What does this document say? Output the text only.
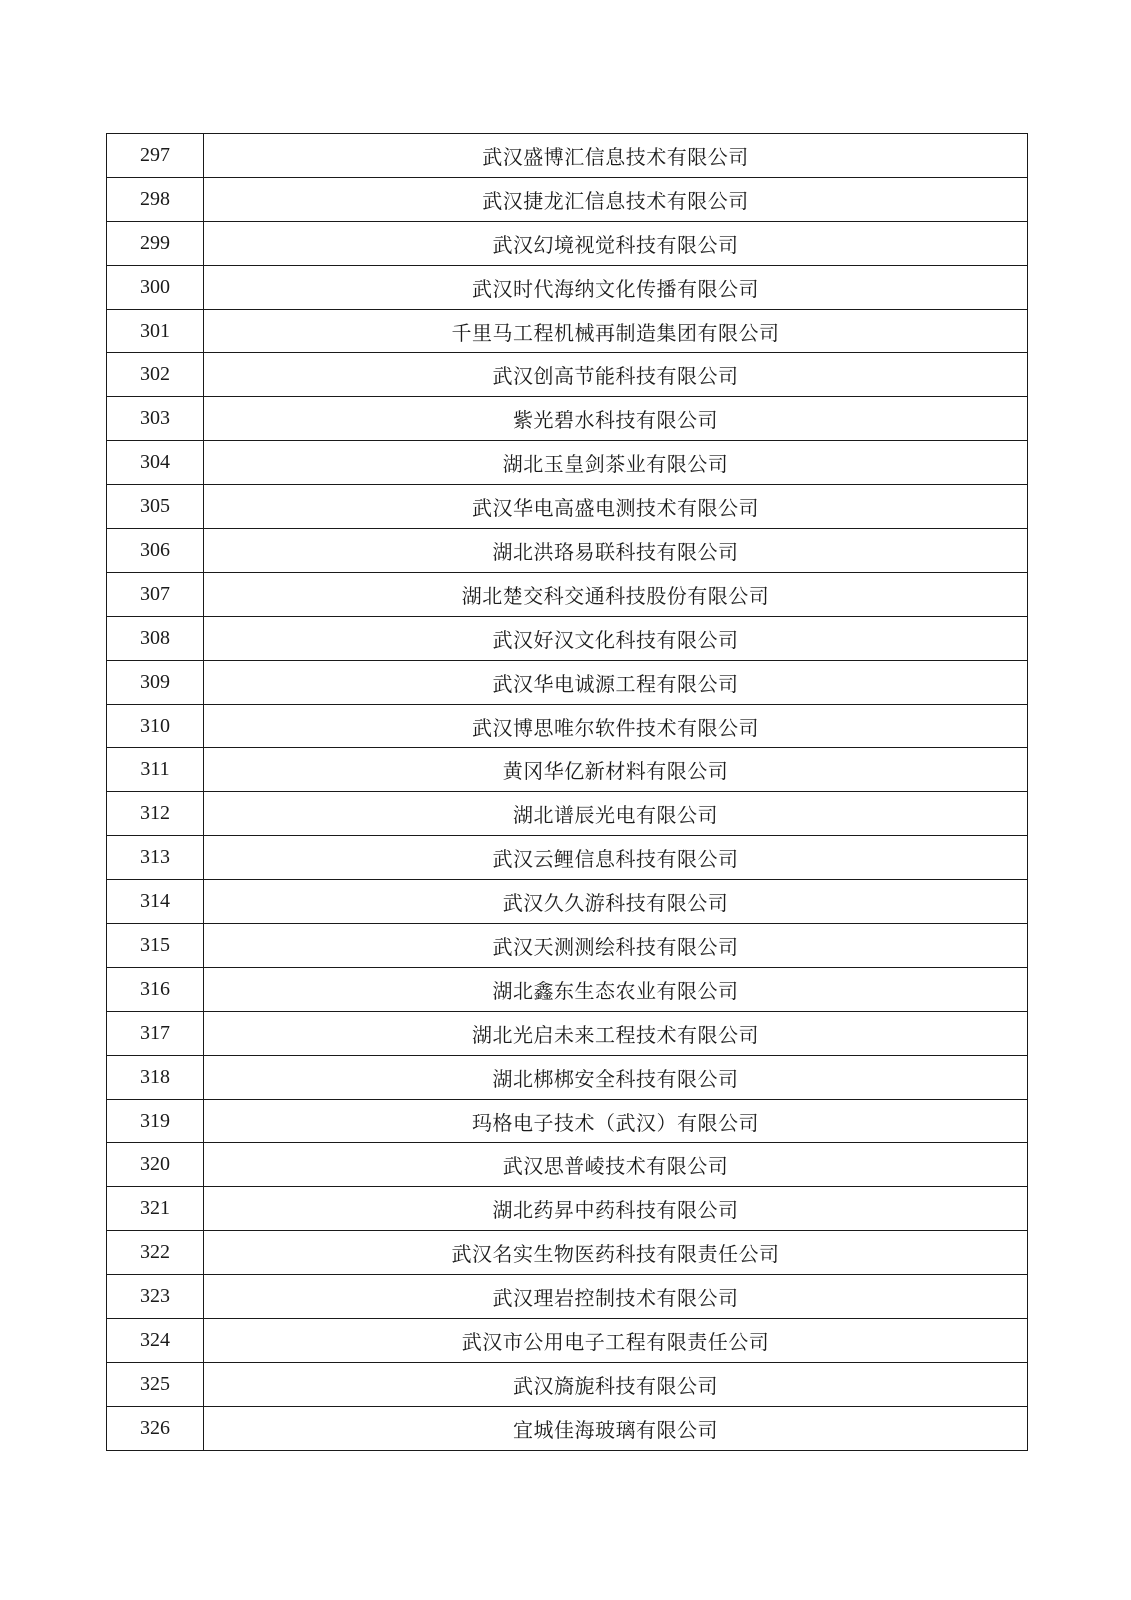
297	武汉盛博汇信息技术有限公司
298	武汉捷龙汇信息技术有限公司
299	武汉幻境视觉科技有限公司
300	武汉时代海纳文化传播有限公司
301	千里马工程机械再制造集团有限公司
302	武汉创高节能科技有限公司
303	紫光碧水科技有限公司
304	湖北玉皇剑茶业有限公司
305	武汉华电高盛电测技术有限公司
306	湖北洪珞易联科技有限公司
307	湖北楚交科交通科技股份有限公司
308	武汉好汉文化科技有限公司
309	武汉华电诚源工程有限公司
310	武汉博思唯尔软件技术有限公司
311	黄冈华亿新材料有限公司
312	湖北谱辰光电有限公司
313	武汉云鲤信息科技有限公司
314	武汉久久游科技有限公司
315	武汉天测测绘科技有限公司
316	湖北鑫东生态农业有限公司
317	湖北光启未来工程技术有限公司
318	湖北梆梆安全科技有限公司
319	玛格电子技术（武汉）有限公司
320	武汉思普崚技术有限公司
321	湖北药昇中药科技有限公司
322	武汉名实生物医药科技有限责任公司
323	武汉理岩控制技术有限公司
324	武汉市公用电子工程有限责任公司
325	武汉旖旎科技有限公司
326	宜城佳海玻璃有限公司
